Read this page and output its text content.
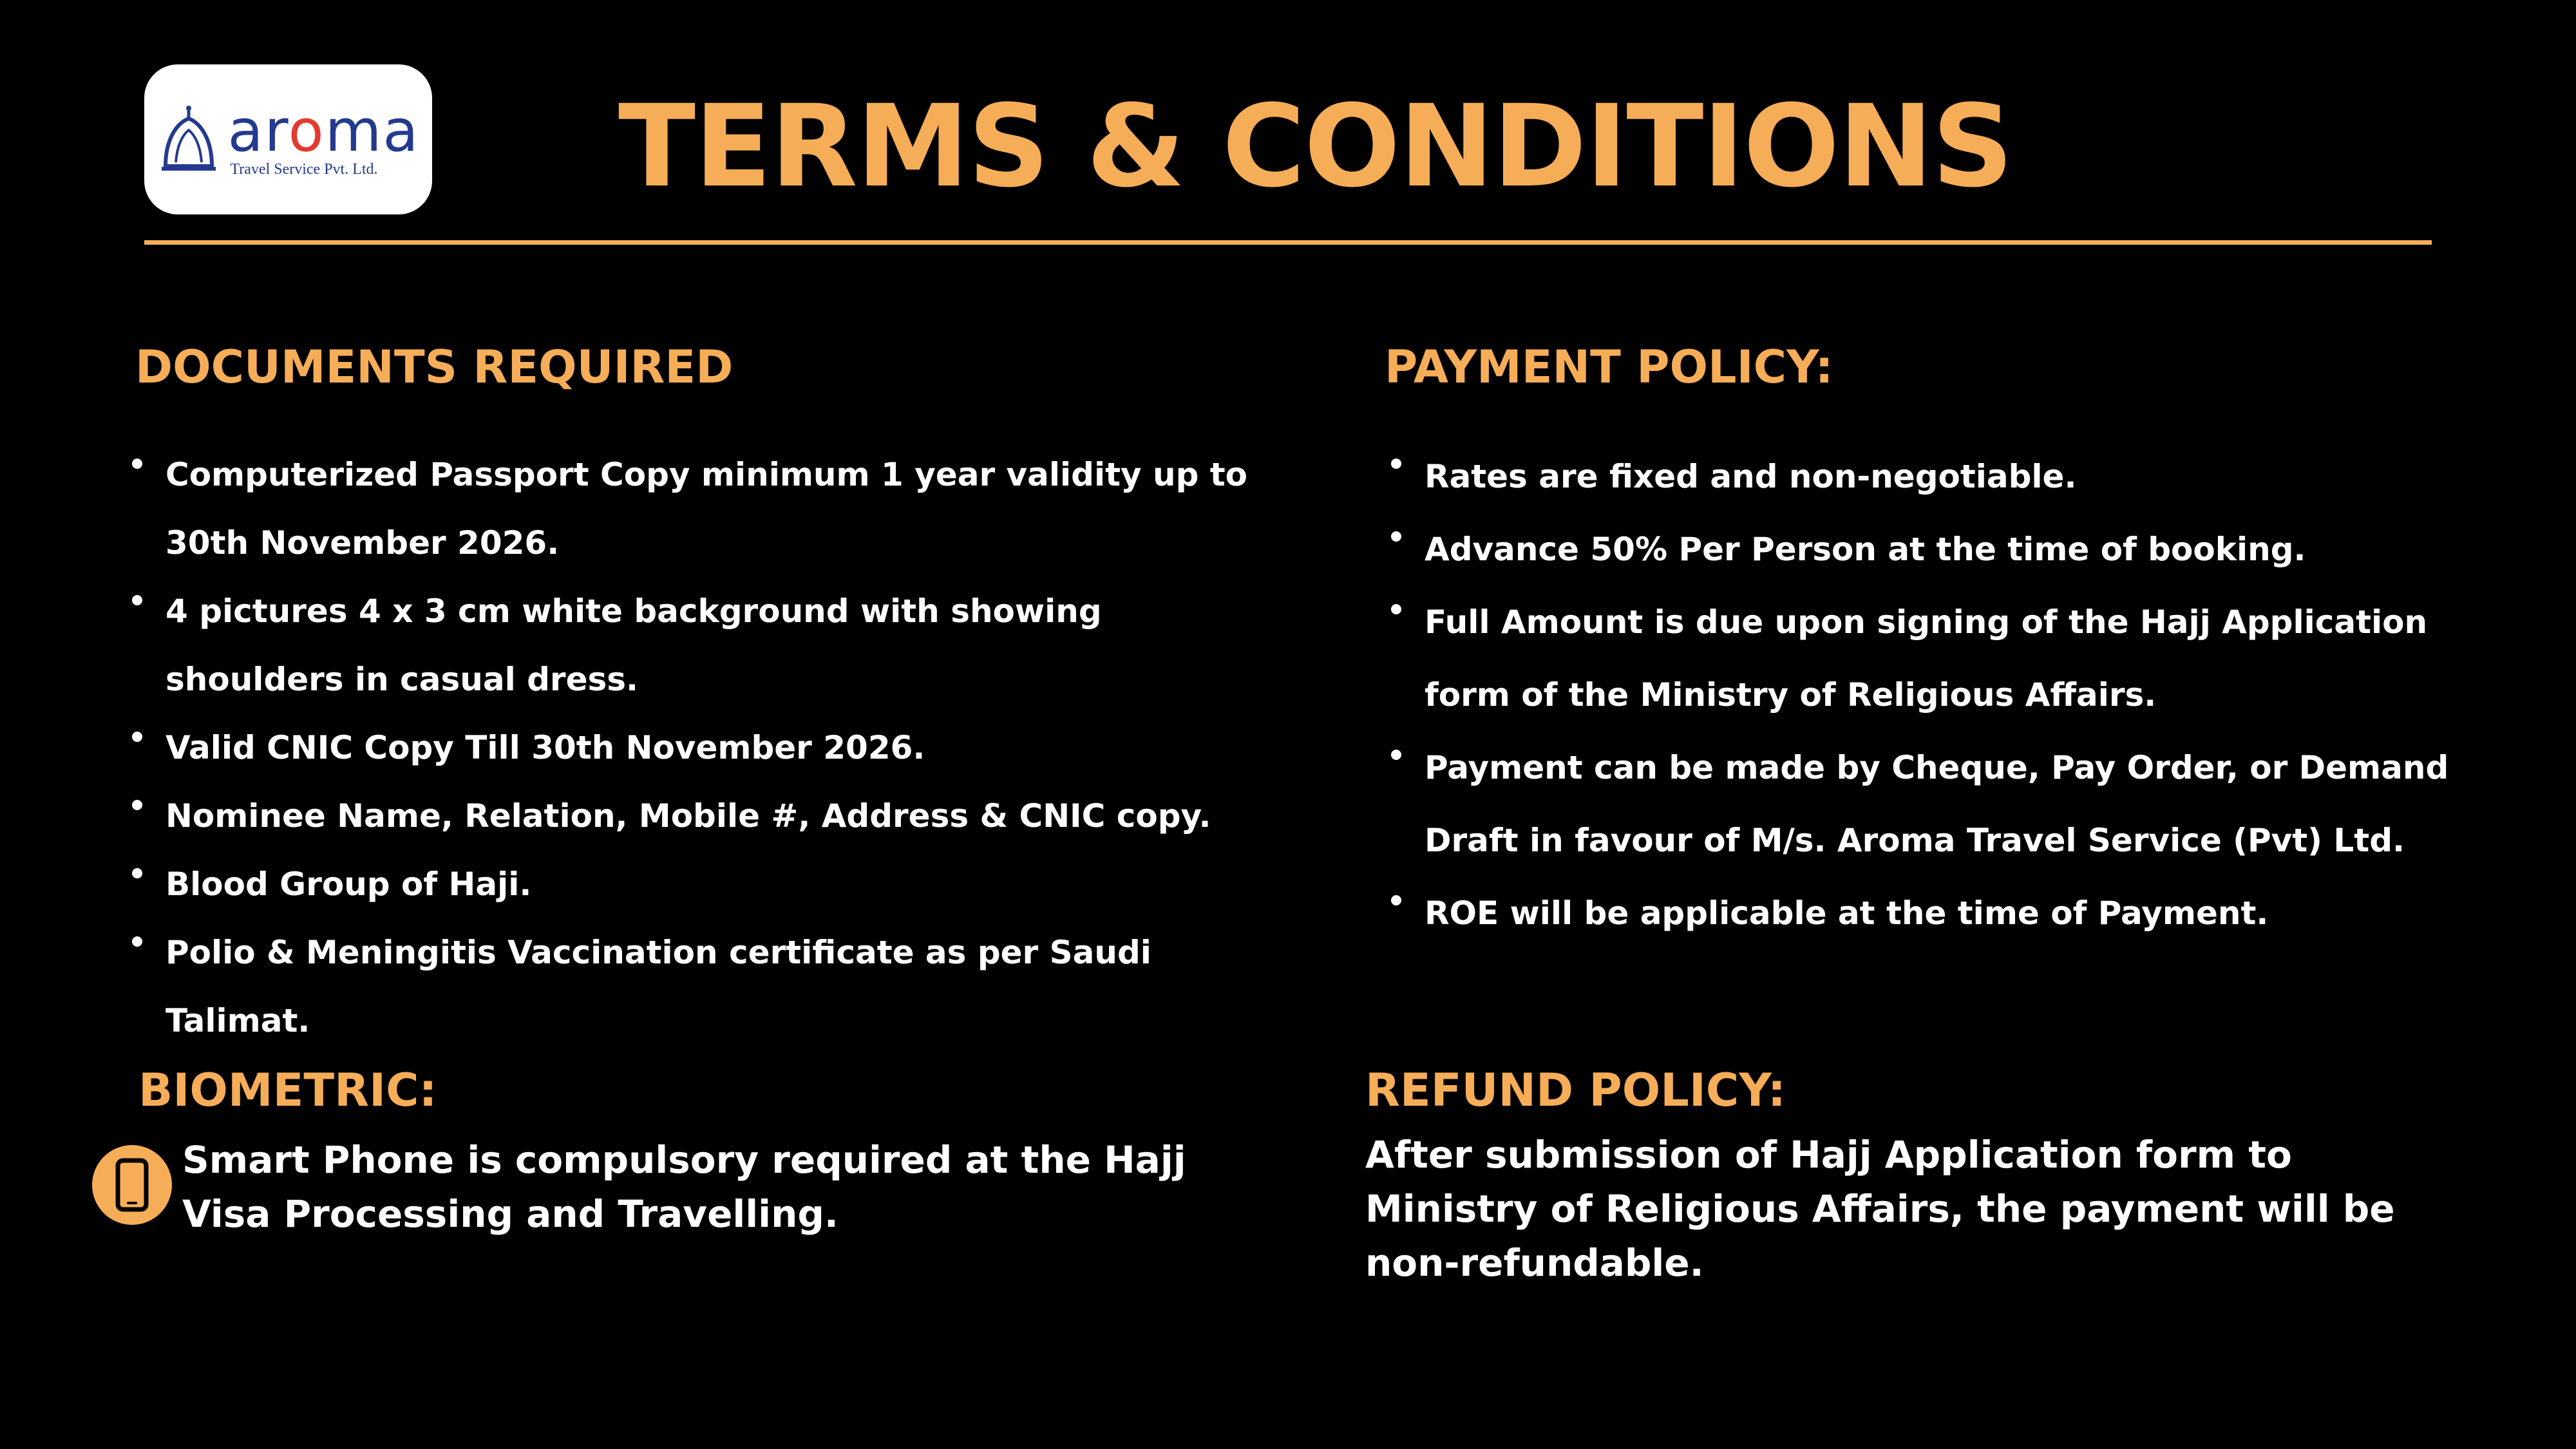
aroma
Travel Service Pvt. Ltd.	TERMS & CONDITIONS
DOCUMENTS REQUIRED
Computerized Passport Copy minimum 1 year validity up to 30th November 2026.
4 pictures 4 x 3 cm white background with showing shoulders in casual dress.
Valid CNIC Copy Till 30th November 2026.
Nominee Name, Relation, Mobile #, Address & CNIC copy.
Blood Group of Haji.
Polio & Meningitis Vaccination certificate as per Saudi Talimat.
PAYMENT POLICY:
Rates are fixed and non-negotiable.
Advance 50% Per Person at the time of booking.
Full Amount is due upon signing of the Hajj Application form of the Ministry of Religious Affairs.
Payment can be made by Cheque, Pay Order, or Demand Draft in favour of M/s. Aroma Travel Service (Pvt) Ltd.
ROE will be applicable at the time of Payment.
BIOMETRIC:

Smart Phone is compulsory required at the Hajj Visa Processing and Travelling.

REFUND POLICY:

After submission of Hajj Application form to Ministry of Religious Affairs, the payment will be non-refundable.
